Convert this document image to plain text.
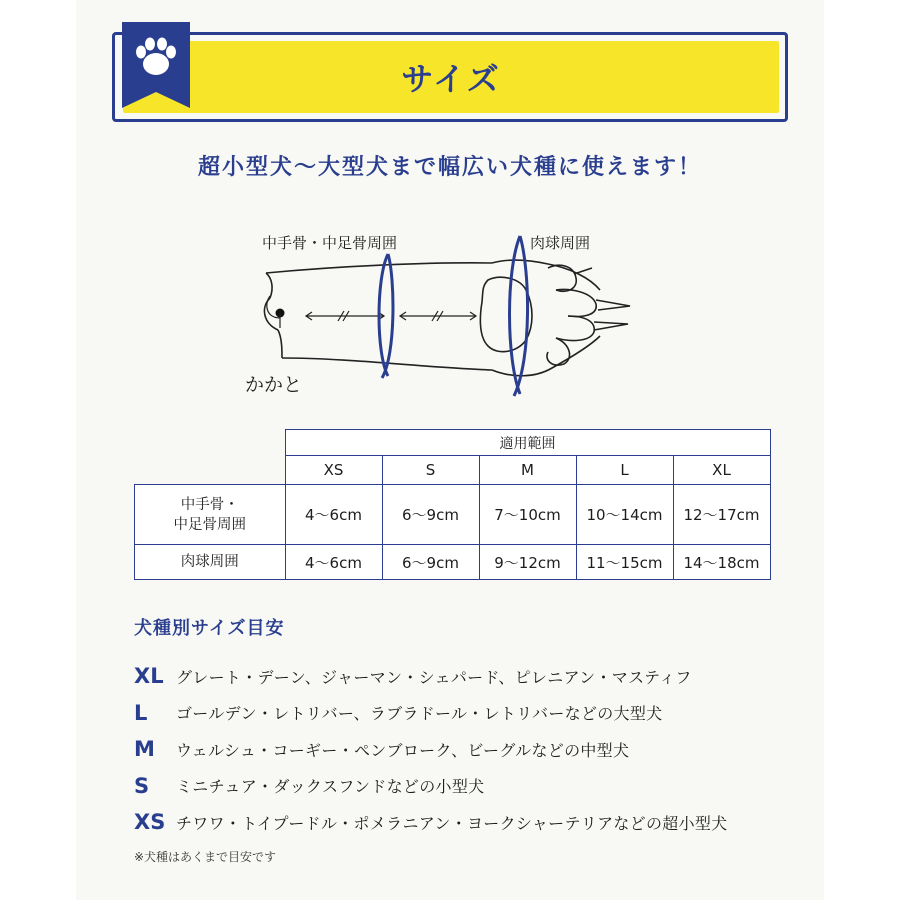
サイズ
超小型犬〜大型犬まで幅広い犬種に使えます！
中手骨・中足骨周囲	肉球周囲
かかと
	適用範囲				
	XS	S	M	L	XL

中手骨・
中足骨周囲	4〜6cm	6〜9cm	7〜10cm	10〜14cm	12〜17cm
肉球周囲	4〜6cm	6〜9cm	9〜12cm	11〜15cm	14〜18cm
犬種別サイズ目安
XL グレート・デーン、ジャーマン・シェパード、ピレニアン・マスティフ
L	ゴールデン・レトリバー、ラブラドール・レトリバーなどの大型犬
M	ウェルシュ・コーギー・ペンブローク、ビーグルなどの中型犬
S	ミニチュア・ダックスフンドなどの小型犬
XS チワワ・トイプードル・ポメラニアン・ヨークシャーテリアなどの超小型犬
※犬種はあくまで目安です
